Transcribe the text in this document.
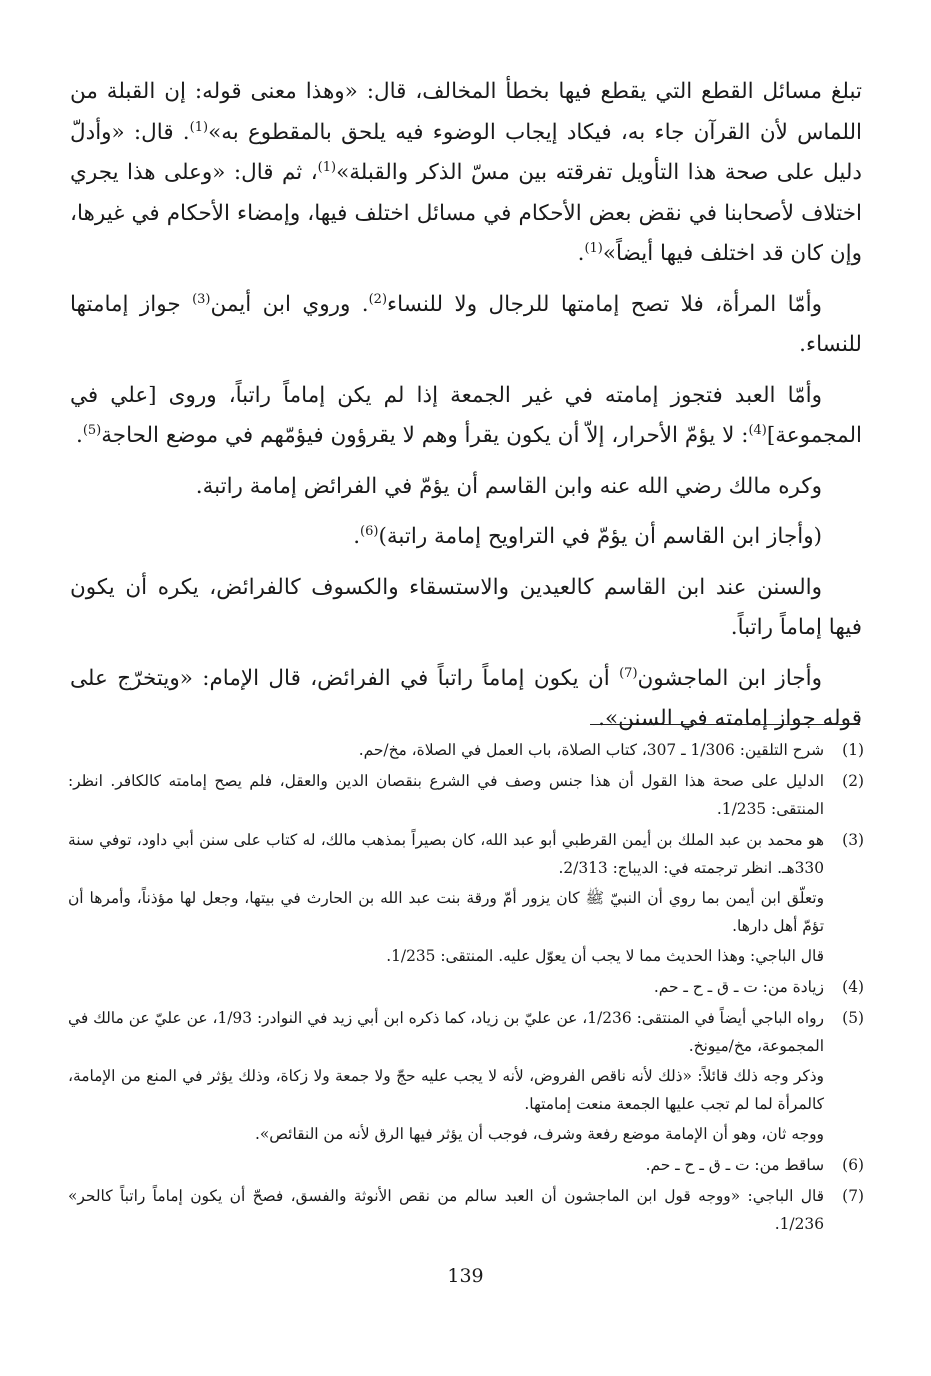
تبلغ مسائل القطع التي يقطع فيها بخطأ المخالف، قال: «وهذا معنى قوله: إن القبلة من اللماس لأن القرآن جاء به، فيكاد إيجاب الوضوء فيه يلحق بالمقطوع به»$^{(1)}$. قال: «وأدلّ دليل على صحة هذا التأويل تفرقته بين مسّ الذكر والقبلة»$^{(1)}$، ثم قال: «وعلى هذا يجري اختلاف لأصحابنا في نقض بعض الأحكام في مسائل اختلف فيها، وإمضاء الأحكام في غيرها، وإن كان قد اختلف فيها أيضاً»$^{(1)}$.

وأمّا المرأة، فلا تصح إمامتها للرجال ولا للنساء$^{(2)}$. وروي ابن أيمن$^{(3)}$ جواز إمامتها للنساء.

وأمّا العبد فتجوز إمامته في غير الجمعة إذا لم يكن إماماً راتباً، وروى [علي في المجموعة]$^{(4)}$: لا يؤمّ الأحرار، إلاّ أن يكون يقرأ وهم لا يقرؤون فيؤمّهم في موضع الحاجة$^{(5)}$.

وكره مالك رضي الله عنه وابن القاسم أن يؤمّ في الفرائض إمامة راتبة.

(وأجاز ابن القاسم أن يؤمّ في التراويح إمامة راتبة)$^{(6)}$.

والسنن عند ابن القاسم كالعيدين والاستسقاء والكسوف كالفرائض، يكره أن يكون فيها إماماً راتباً.

وأجاز ابن الماجشون$^{(7)}$ أن يكون إماماً راتباً في الفرائض، قال الإمام: «ويتخرّج على قوله جواز إمامته في السنن».

(1)
شرح التلقين: 1/306 ـ 307، كتاب الصلاة، باب العمل في الصلاة، مخ/حم.
(2)
الدليل على صحة هذا القول أن هذا جنس وصف في الشرع بنقصان الدين والعقل، فلم يصح إمامته كالكافر. انظر: المنتقى: 1/235.
(3)
هو محمد بن عبد الملك بن أيمن القرطبي أبو عبد الله، كان بصيراً بمذهب مالك، له كتاب على سنن أبي داود، توفي سنة 330هـ. انظر ترجمته في: الديباج: 2/313.
وتعلّق ابن أيمن بما روي أن النبيّ ﷺ كان يزور أمّ ورقة بنت عبد الله بن الحارث في بيتها، وجعل لها مؤذناً، وأمرها أن تؤمّ أهل دارها.
قال الباجي: وهذا الحديث مما لا يجب أن يعوّل عليه. المنتقى: 1/235.
(4)
زيادة من: ت ـ ق ـ ح ـ حم.
(5)
رواه الباجي أيضاً في المنتقى: 1/236، عن عليّ بن زياد، كما ذكره ابن أبي زيد في النوادر: 1/93، عن عليّ عن مالك في المجموعة، مخ/ميونخ.
وذكر وجه ذلك قائلاً: «ذلك لأنه ناقص الفروض، لأنه لا يجب عليه حجّ ولا جمعة ولا زكاة، وذلك يؤثر في المنع من الإمامة، كالمرأة لما لم تجب عليها الجمعة منعت إمامتها.
ووجه ثان، وهو أن الإمامة موضع رفعة وشرف، فوجب أن يؤثر فيها الرق لأنه من النقائص».
(6)
ساقط من: ت ـ ق ـ ح ـ حم.
(7)
قال الباجي: «ووجه قول ابن الماجشون أن العبد سالم من نقص الأنوثة والفسق، فصحّ أن يكون إماماً راتباً كالحر» 1/236.
139
